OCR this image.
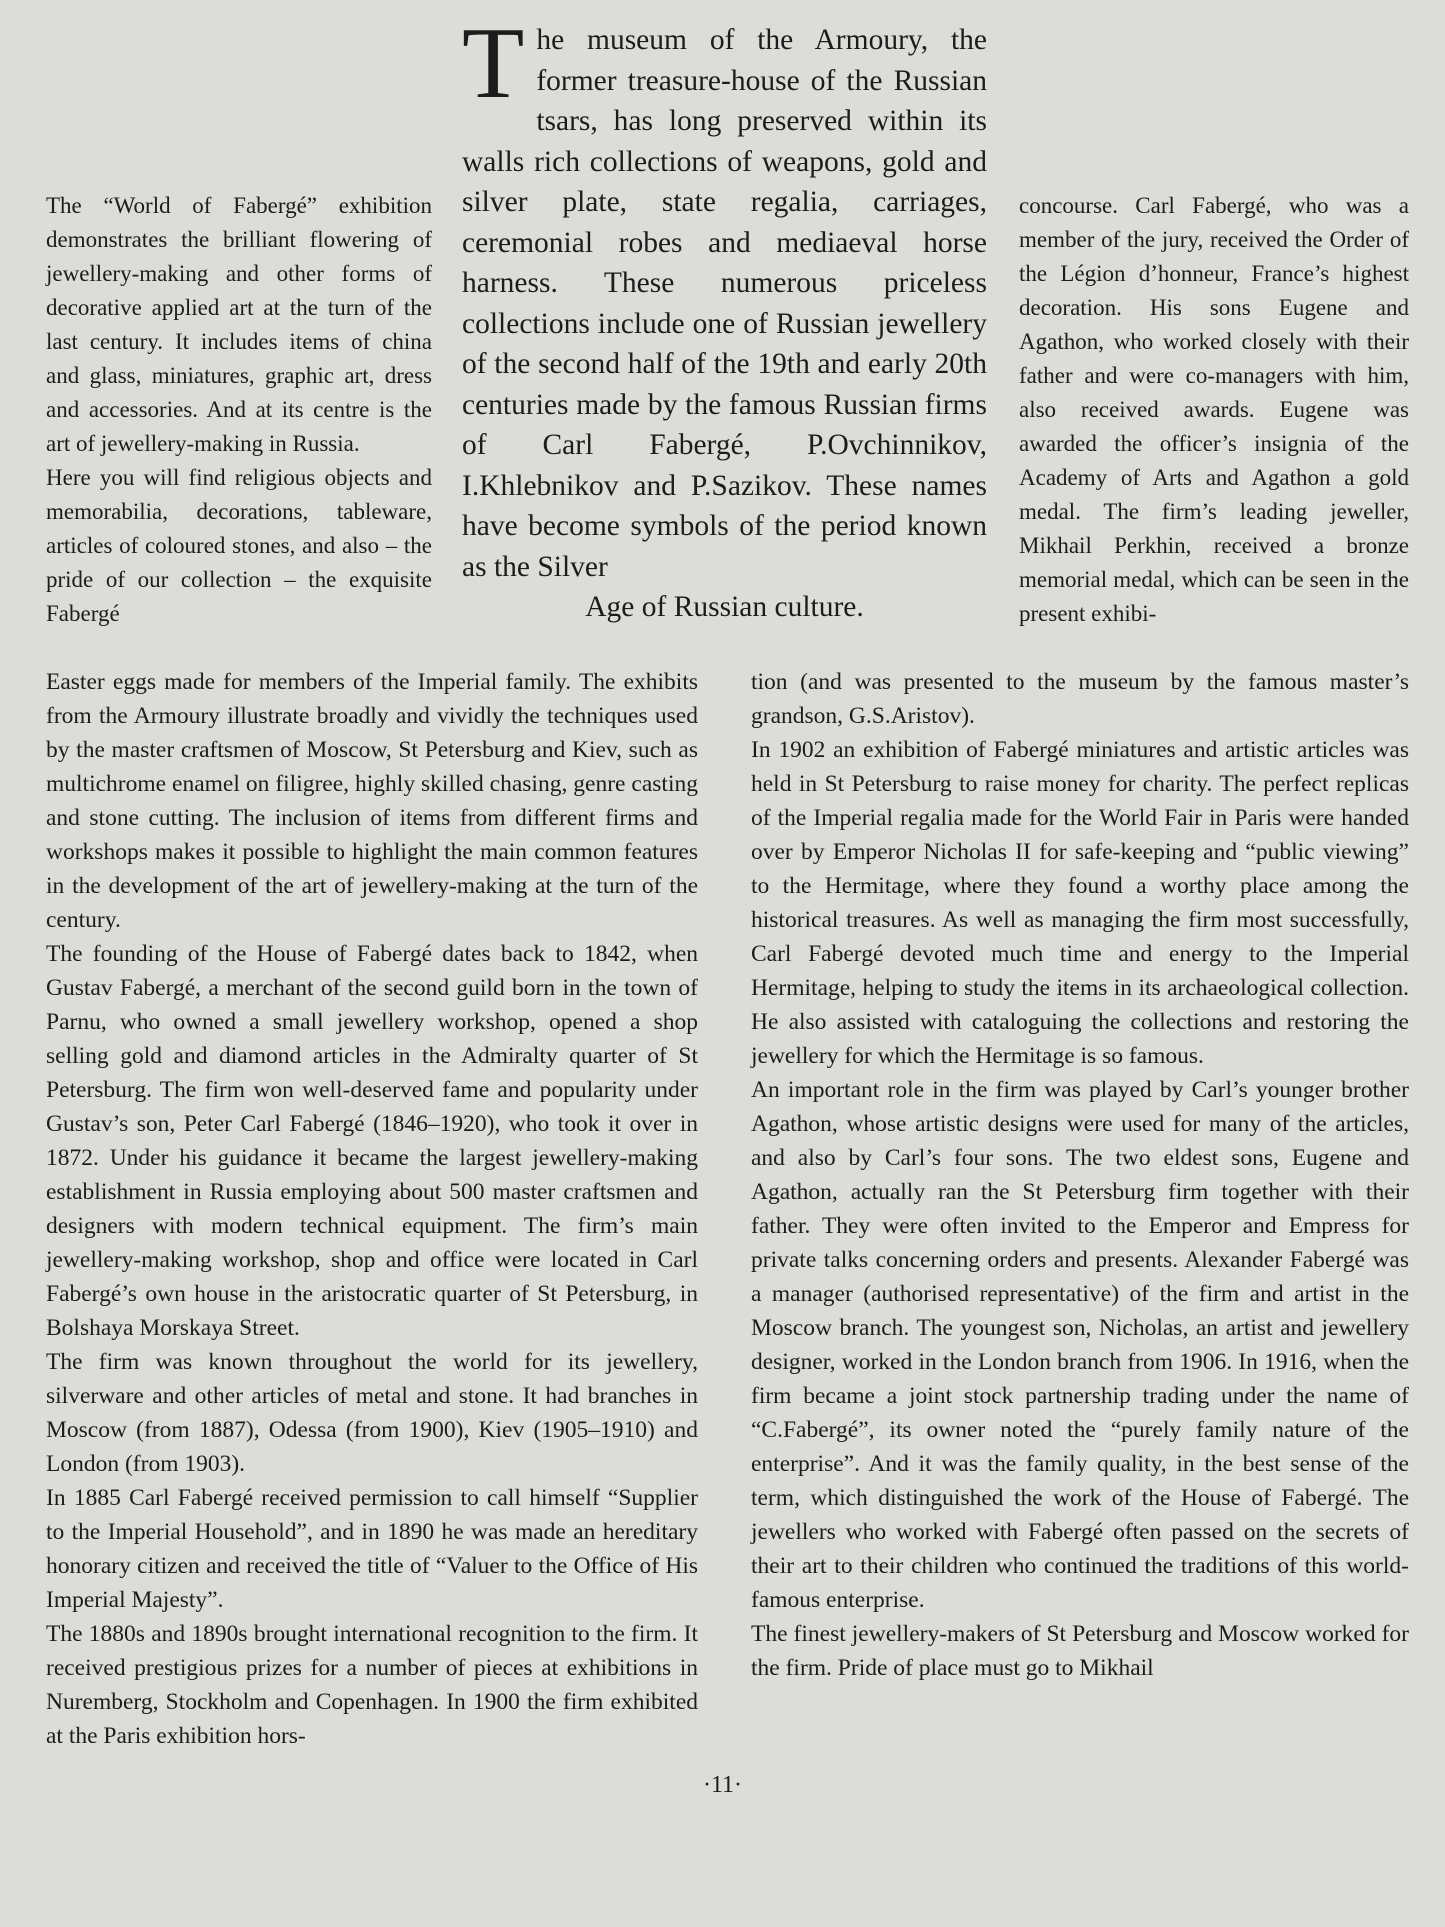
T he museum of the Armoury, the former treasure-house of the Russian tsars, has long preserved within its walls rich collections of weapons, gold and silver plate, state regalia, carriages, ceremonial robes and mediaeval horse harness. These numerous priceless collections include one of Russian jewellery of the second half of the 19th and early 20th centuries made by the famous Russian firms of Carl Fabergé, P.Ovchinnikov, I.Khlebnikov and P.Sazikov. These names have become symbols of the period known as the Silver

Age of Russian culture.

The “World of Fabergé” exhibition demonstrates the brilliant flowering of jewellery-making and other forms of decorative applied art at the turn of the last century. It includes items of china and glass, miniatures, graphic art, dress and accessories. And at its centre is the art of jewellery-making in Russia.

Here you will find religious objects and memorabilia, decorations, tableware, articles of coloured stones, and also – the pride of our collection – the exquisite Fabergé

concourse. Carl Fabergé, who was a member of the jury, received the Order of the Légion d’honneur, France’s highest decoration. His sons Eugene and Agathon, who worked closely with their father and were co-managers with him, also received awards. Eugene was awarded the officer’s insignia of the Academy of Arts and Agathon a gold medal. The firm’s leading jeweller, Mikhail Perkhin, received a bronze memorial medal, which can be seen in the present exhibi-

Easter eggs made for members of the Imperial family. The exhibits from the Armoury illustrate broadly and vividly the techniques used by the master craftsmen of Moscow, St Petersburg and Kiev, such as multichrome enamel on filigree, highly skilled chasing, genre casting and stone cutting. The inclusion of items from different firms and workshops makes it possible to highlight the main common features in the development of the art of jewellery-making at the turn of the century.

The founding of the House of Fabergé dates back to 1842, when Gustav Fabergé, a merchant of the second guild born in the town of Parnu, who owned a small jewellery workshop, opened a shop selling gold and diamond articles in the Admiralty quarter of St Petersburg. The firm won well-deserved fame and popularity under Gustav’s son, Peter Carl Fabergé (1846–1920), who took it over in 1872. Under his guidance it became the largest jewellery-making establishment in Russia employing about 500 master craftsmen and designers with modern technical equipment. The firm’s main jewellery-making workshop, shop and office were located in Carl Fabergé’s own house in the aristocratic quarter of St Petersburg, in Bolshaya Morskaya Street.

The firm was known throughout the world for its jewellery, silverware and other articles of metal and stone. It had branches in Moscow (from 1887), Odessa (from 1900), Kiev (1905–1910) and London (from 1903).

In 1885 Carl Fabergé received permission to call himself “Supplier to the Imperial Household”, and in 1890 he was made an hereditary honorary citizen and received the title of “Valuer to the Office of His Imperial Majesty”.

The 1880s and 1890s brought international recognition to the firm. It received prestigious prizes for a number of pieces at exhibitions in Nuremberg, Stockholm and Copenhagen. In 1900 the firm exhibited at the Paris exhibition hors-

tion (and was presented to the museum by the famous master’s grandson, G.S.Aristov).

In 1902 an exhibition of Fabergé miniatures and artistic articles was held in St Petersburg to raise money for charity. The perfect replicas of the Imperial regalia made for the World Fair in Paris were handed over by Emperor Nicholas II for safe-keeping and “public viewing” to the Hermitage, where they found a worthy place among the historical treasures. As well as managing the firm most successfully, Carl Fabergé devoted much time and energy to the Imperial Hermitage, helping to study the items in its archaeological collection. He also assisted with cataloguing the collections and restoring the jewellery for which the Hermitage is so famous.

An important role in the firm was played by Carl’s younger brother Agathon, whose artistic designs were used for many of the articles, and also by Carl’s four sons. The two eldest sons, Eugene and Agathon, actually ran the St Petersburg firm together with their father. They were often invited to the Emperor and Empress for private talks concerning orders and presents. Alexander Fabergé was a manager (authorised representative) of the firm and artist in the Moscow branch. The youngest son, Nicholas, an artist and jewellery designer, worked in the London branch from 1906. In 1916, when the firm became a joint stock partnership trading under the name of “C.Fabergé”, its owner noted the “purely family nature of the enterprise”. And it was the family quality, in the best sense of the term, which distinguished the work of the House of Fabergé. The jewellers who worked with Fabergé often passed on the secrets of their art to their children who continued the traditions of this world-famous enterprise.

The finest jewellery-makers of St Petersburg and Moscow worked for the firm. Pride of place must go to Mikhail

·11·
